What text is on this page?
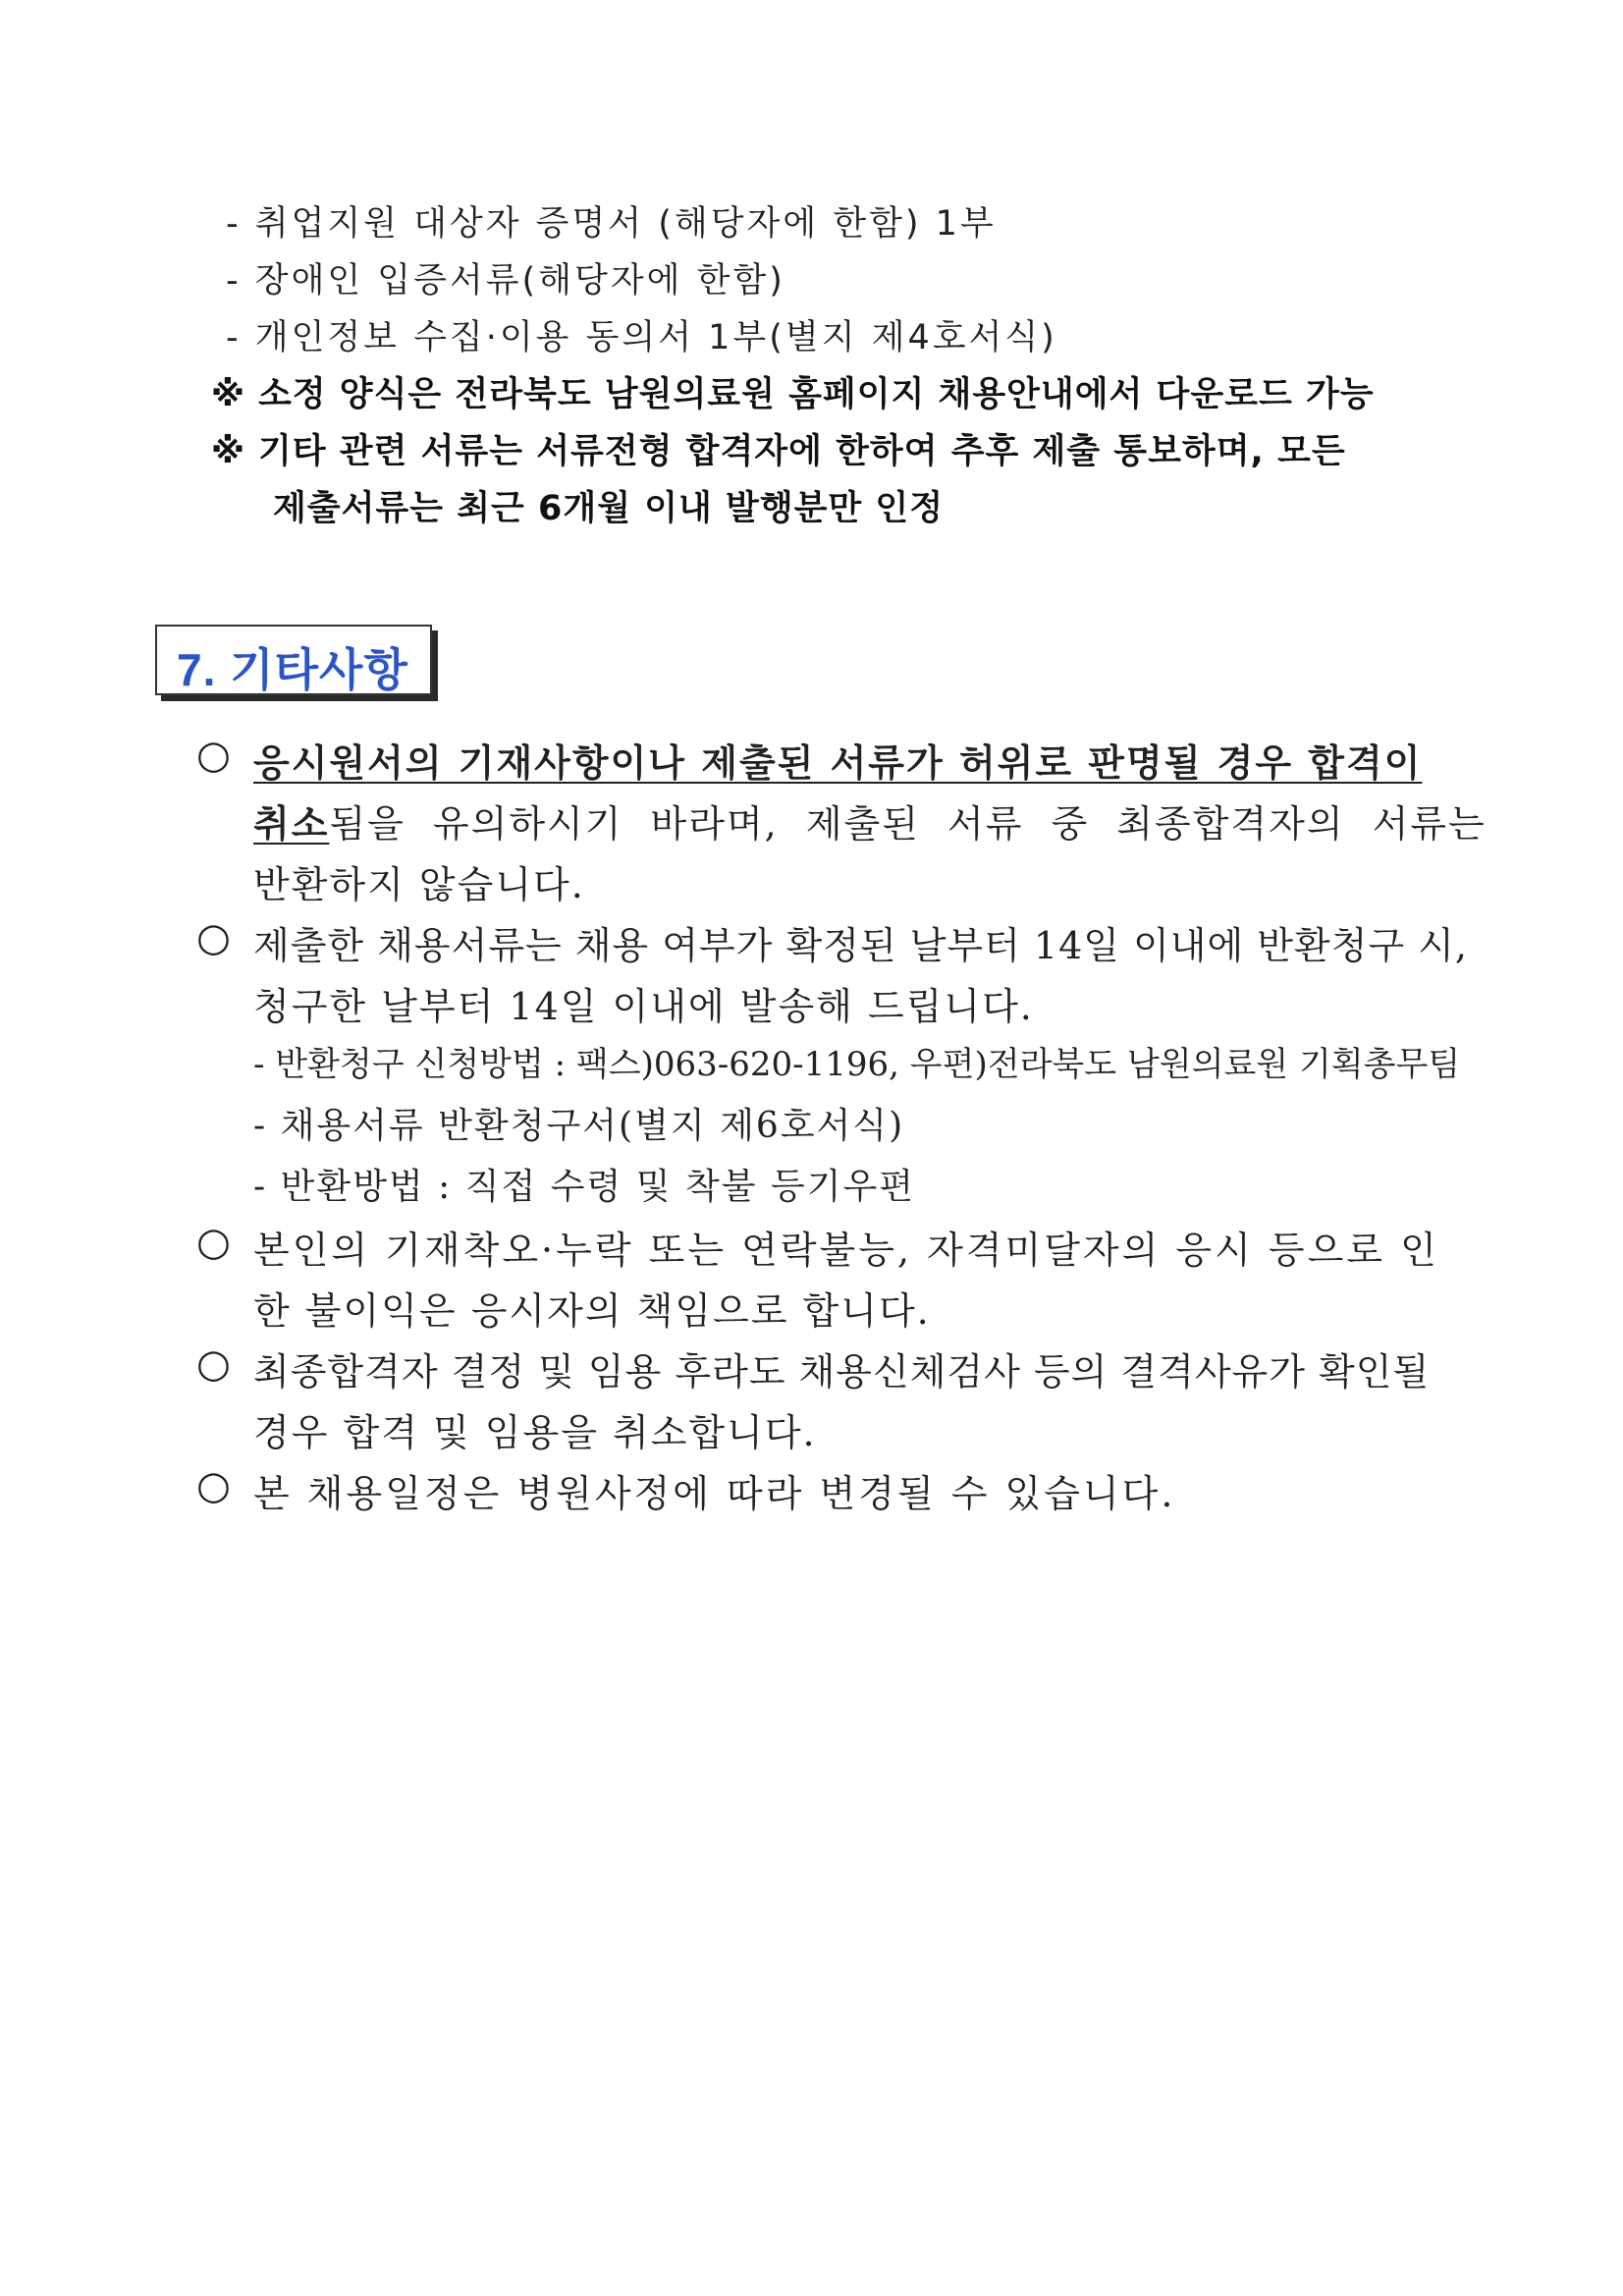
- 취업지원 대상자 증명서 (해당자에 한함) 1부
- 장애인 입증서류(해당자에 한함)
- 개인정보 수집·이용 동의서 1부(별지 제4호서식)
※ 소정 양식은 전라북도 남원의료원 홈페이지 채용안내에서 다운로드 가능
※ 기타 관련 서류는 서류전형 합격자에 한하여 추후 제출 통보하며, 모든
제출서류는 최근 6개월 이내 발행분만 인정
7. 기타사항
○ 응시원서의 기재사항이나 제출된 서류가 허위로 판명될 경우 합격이
취소됨을 유의하시기 바라며, 제출된 서류 중 최종합격자의 서류는
반환하지 않습니다.
○ 제출한 채용서류는 채용 여부가 확정된 날부터 14일 이내에 반환청구 시,
청구한 날부터 14일 이내에 발송해 드립니다.
- 반환청구 신청방법 : 팩스)063-620-1196, 우편)전라북도 남원의료원 기획총무팀
- 채용서류 반환청구서(별지 제6호서식)
- 반환방법 : 직접 수령 및 착불 등기우편
○ 본인의 기재착오·누락 또는 연락불능, 자격미달자의 응시 등으로 인
한 불이익은 응시자의 책임으로 합니다.
○ 최종합격자 결정 및 임용 후라도 채용신체검사 등의 결격사유가 확인될
경우 합격 및 임용을 취소합니다.
○ 본 채용일정은 병원사정에 따라 변경될 수 있습니다.
